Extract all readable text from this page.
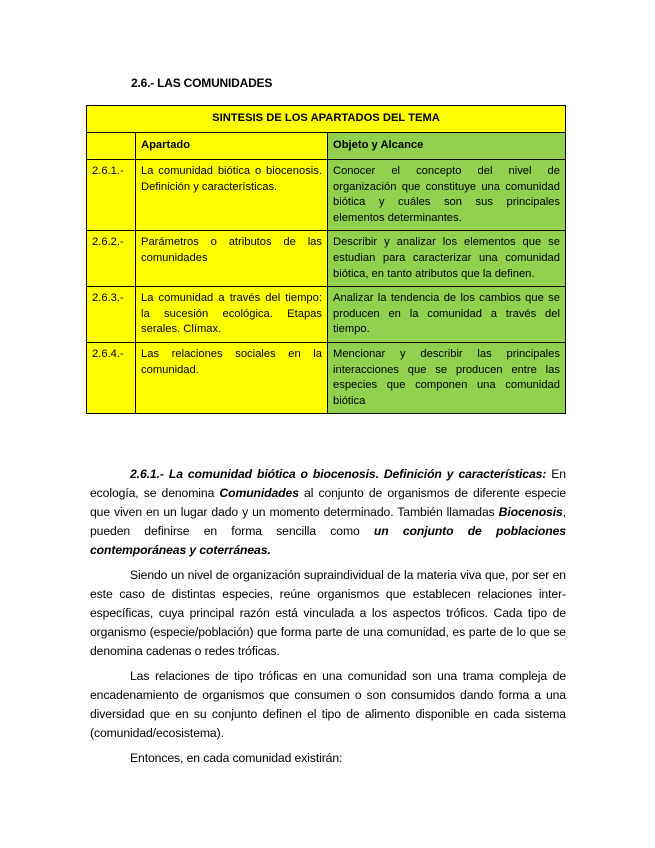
2.6.- LAS COMUNIDADES
SINTESIS DE LOS APARTADOS DEL TEMA		
	Apartado	Objeto y Alcance
2.6.1.-	La comunidad biótica o biocenosis. Definición y características.	Conocer el concepto del nivel de organización que constituye una comunidad biótica y cuáles son sus principales elementos determinantes.
2.6.2.-	Parámetros o atributos de las comunidades	Describir y analizar los elementos que se estudian para caracterizar una comunidad biótica, en tanto atributos que la definen.
2.6.3.-	La comunidad a través del tiempo: la sucesión ecológica. Etapas serales. Clímax.	Analizar la tendencia de los cambios que se producen en la comunidad a través del tiempo.
2.6.4.-	Las relaciones sociales en la comunidad.	Mencionar y describir las principales interacciones que se producen entre las especies que componen una comunidad biótica
2.6.1.- La comunidad biótica o biocenosis. Definición y características: En ecología, se denomina Comunidades al conjunto de organismos de diferente especie que viven en un lugar dado y un momento determinado. También llamadas Biocenosis, pueden definirse en forma sencilla como un conjunto de poblaciones contemporáneas y coterráneas.
Siendo un nivel de organización supraindividual de la materia viva que, por ser en este caso de distintas especies, reúne organismos que establecen relaciones inter-específicas, cuya principal razón está vinculada a los aspectos tróficos. Cada tipo de organismo (especie/población) que forma parte de una comunidad, es parte de lo que se denomina cadenas o redes tróficas.
Las relaciones de tipo tróficas en una comunidad son una trama compleja de encadenamiento de organismos que consumen o son consumidos dando forma a una diversidad que en su conjunto definen el tipo de alimento disponible en cada sistema (comunidad/ecosistema).
Entonces, en cada comunidad existirán:
